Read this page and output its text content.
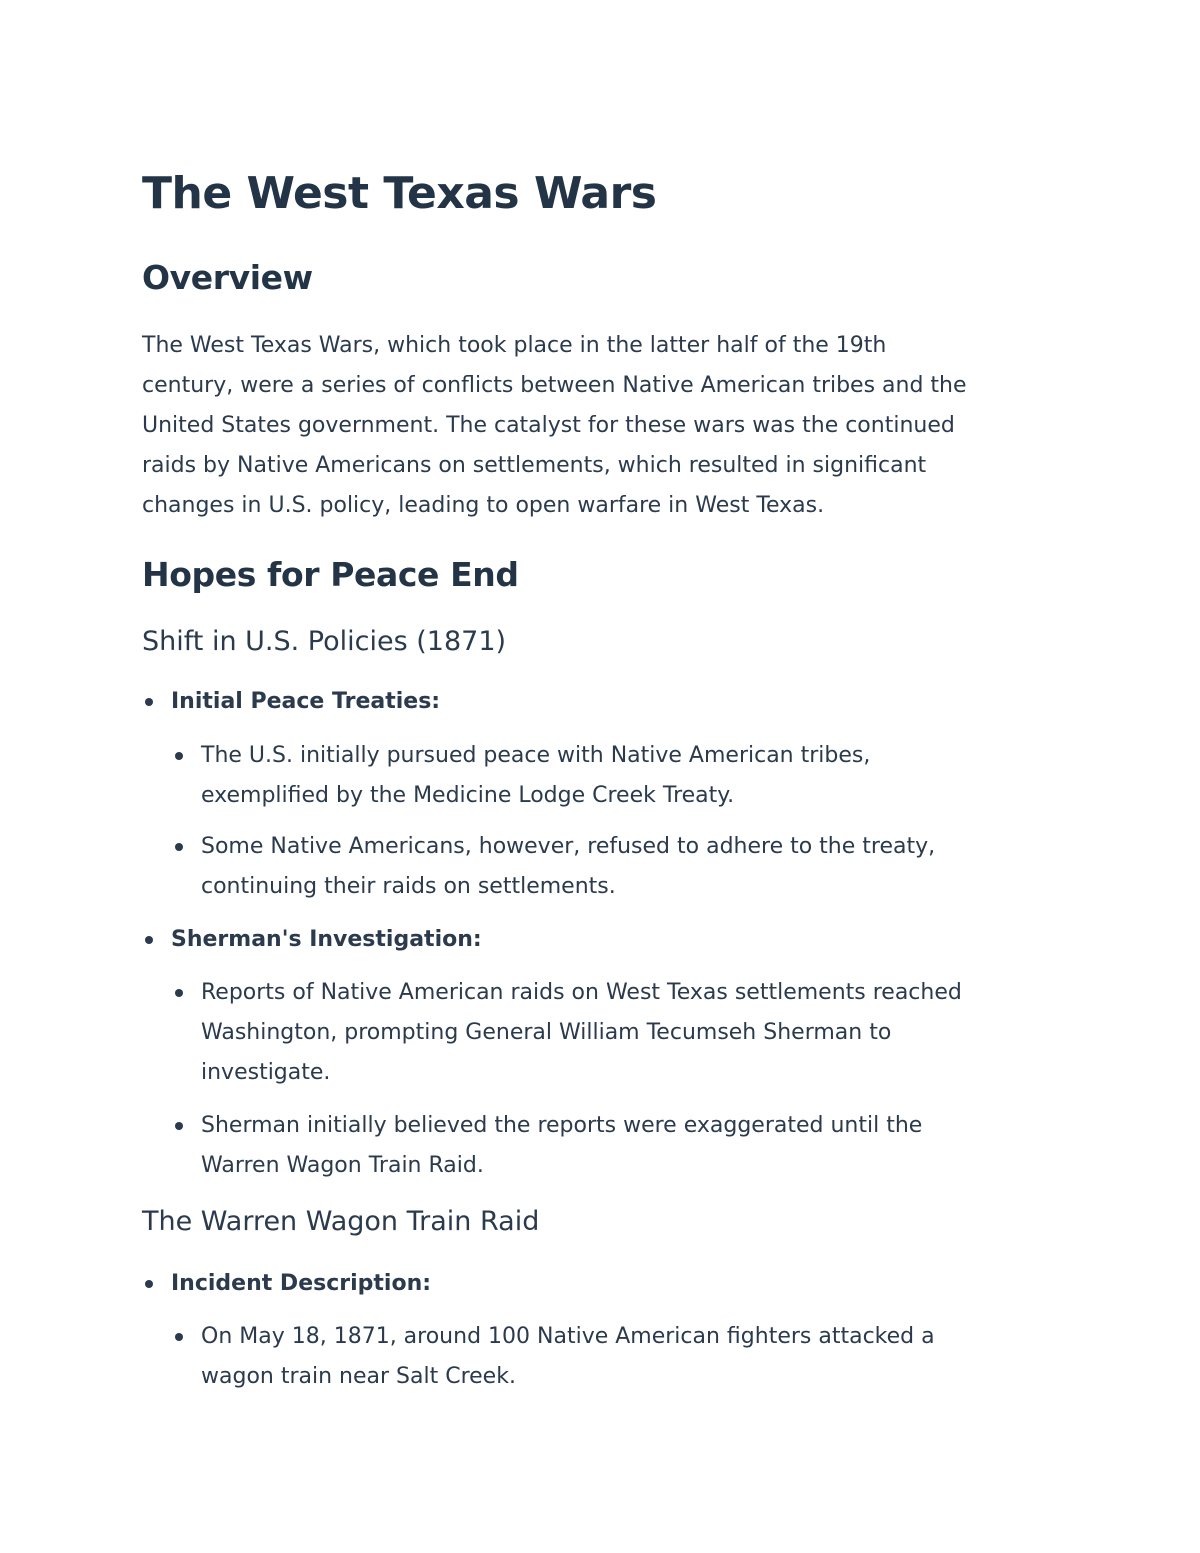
The West Texas Wars
Overview

The West Texas Wars, which took place in the latter half of the 19th
century, were a series of conflicts between Native American tribes and the
United States government. The catalyst for these wars was the continued
raids by Native Americans on settlements, which resulted in significant
changes in U.S. policy, leading to open warfare in West Texas.

Hopes for Peace End
Shift in U.S. Policies (1871)
Initial Peace Treaties:
The U.S. initially pursued peace with Native American tribes,
exemplified by the Medicine Lodge Creek Treaty.
Some Native Americans, however, refused to adhere to the treaty,
continuing their raids on settlements.
Sherman's Investigation:
Reports of Native American raids on West Texas settlements reached
Washington, prompting General William Tecumseh Sherman to
investigate.
Sherman initially believed the reports were exaggerated until the
Warren Wagon Train Raid.
The Warren Wagon Train Raid
Incident Description:
On May 18, 1871, around 100 Native American fighters attacked a
wagon train near Salt Creek.
